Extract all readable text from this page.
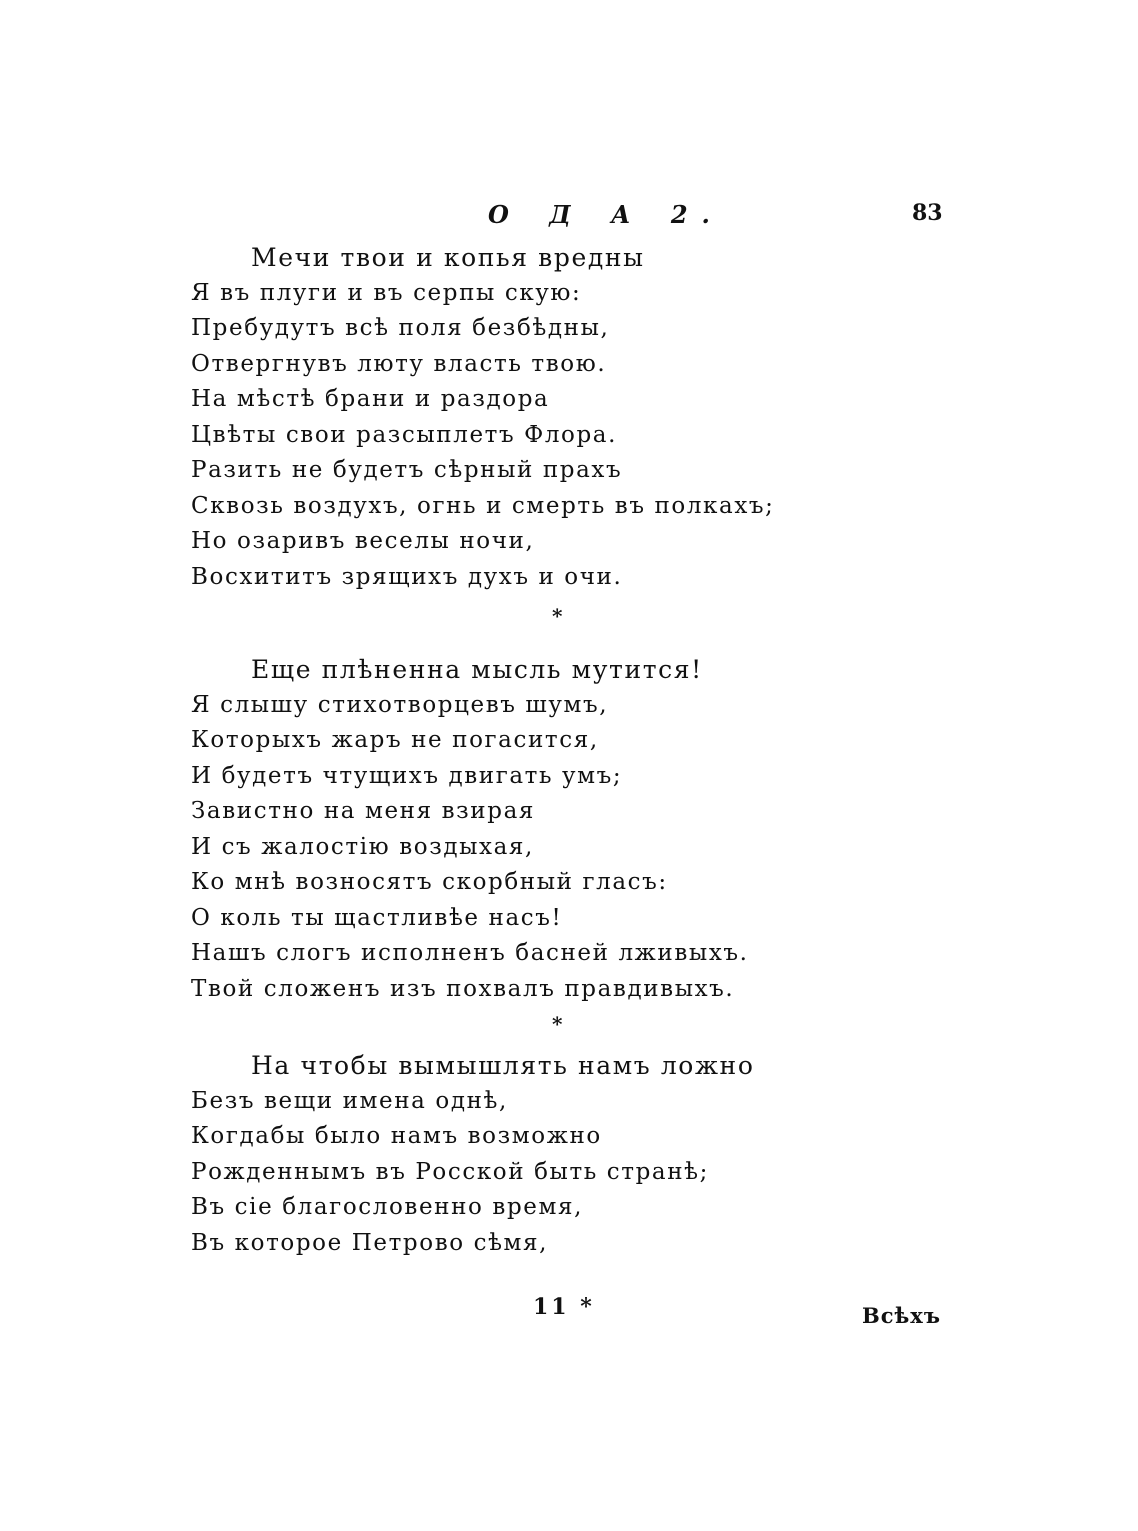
О Д А 2.	83
Мечи твои и копья вредны
Я въ плуги и въ серпы скую:
Пребудутъ всѣ поля безбѣдны,
Отвергнувъ люту власть твою.
На мѣстѣ брани и раздора
Цвѣты свои разсыплетъ Флора.
Разить не будетъ сѣрный прахъ
Сквозь воздухъ, огнь и смерть въ полкахъ;
Но озаривъ веселы ночи,
Восхититъ зрящихъ духъ и очи.
*
Еще плѣненна мысль мутится!
Я слышу стихотворцевъ шумъ,
Которыхъ жаръ не погасится,
И будетъ чтущихъ двигать умъ;
Завистно на меня взирая
И съ жалостію воздыхая,
Ко мнѣ возносятъ скорбный гласъ:
О коль ты щастливѣе насъ!
Нашъ слогъ исполненъ басней лживыхъ.
Твой сложенъ изъ похвалъ правдивыхъ.
*
На чтобы вымышлять намъ ложно
Безъ вещи имена однѣ,
Когдабы было намъ возможно
Рожденнымъ въ Росской быть странѣ;
Въ сіе благословенно время,
Въ которое Петрово сѣмя,
11 *	Всѣхъ
